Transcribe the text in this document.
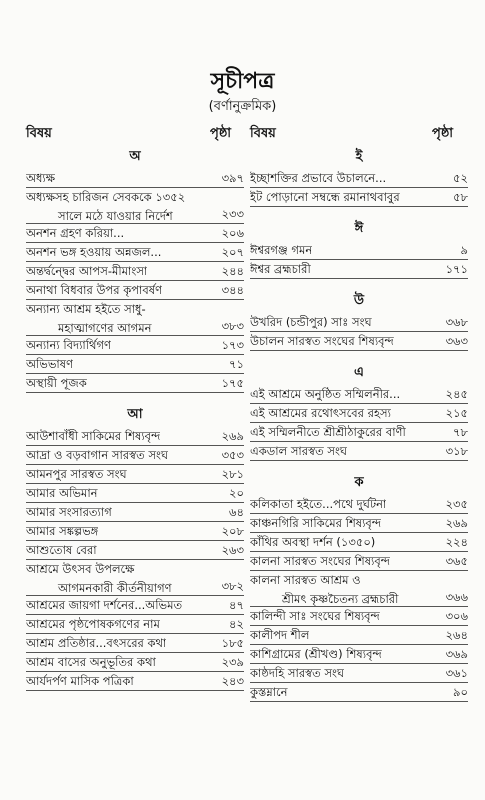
সূচীপত্র
(বর্ণানুক্রমিক)
বিষয়	পৃষ্ঠা বিষয়	পৃষ্ঠা
অ
অধ্যক্ষ	৩৯৭
অধ্যক্ষসহ চারিজন সেবককে ১৩৫২
সালে মঠে যাওয়ার নির্দেশ	২৩৩
অনশন গ্রহণ করিয়া...	২০৬
অনশন ভঙ্গ হওয়ায় অন্নজল...	২০৭
অন্তর্দ্বন্দ্বের আপস-মীমাংসা	২৪৪
অনাথা বিধবার উপর কৃপাবর্ষণ	৩৪৪
অন্যান্য আশ্রম হইতে সাধু-
মহাত্মাগণের আগমন	৩৮৩
অন্যান্য বিদ্যার্থিগণ	১৭৩
অভিভাষণ	৭১
অস্থায়ী পূজক	১৭৫
আ
আউশাবাঁধী সাকিমের শিষ্যবৃন্দ	২৬৯
আদ্রা ও বড়বাগান সারস্বত সংঘ	৩৫৩
আমনপুর সারস্বত সংঘ	২৮১
আমার অভিমান	২০
আমার সংসারত্যাগ	৬৪
আমার সঙ্কল্পভঙ্গ	২০৮
আশুতোষ বেরা	২৬৩
আশ্রমে উৎসব উপলক্ষে
আগমনকারী কীর্তনীয়াগণ	৩৮২
আশ্রমের জায়গা দর্শনের...অভিমত	৪৭
আশ্রমের পৃষ্ঠপোষকগণের নাম	৪২
আশ্রম প্রতিষ্ঠার...বৎসরের কথা	১৮৫
আশ্রম বাসের অনুভূতির কথা	২৩৯
আর্যদর্পণ মাসিক পত্রিকা	২৪৩
ই
ইচ্ছাশক্তির প্রভাবে উচালনে...	৫২
ইট পোড়ানো সম্বন্ধে রমানাথবাবুর	৫৮
ঈ
ঈশ্বরগঞ্জ গমন	৯
ঈশ্বর ব্রহ্মচারী	১৭১
উ
উখরিদ (চন্ডীপুর) সাঃ সংঘ	৩৬৮
উচালন সারস্বত সংঘের শিষ্যবৃন্দ	৩৬৩
এ
এই আশ্রমে অনুষ্ঠিত সম্মিলনীর...	২৪৫
এই আশ্রমের রথোৎসবের রহস্য	২১৫
এই সম্মিলনীতে শ্রীশ্রীঠাকুরের বাণী	৭৮
একডাল সারস্বত সংঘ	৩১৮
ক
কলিকাতা হইতে...পথে দুর্ঘটনা	২৩৫
কাঞ্চনগিরি সাকিমের শিষ্যবৃন্দ	২৬৯
কাঁথির অবস্থা দর্শন (১৩৫০)	২২৪
কালনা সারস্বত সংঘের শিষ্যবৃন্দ	৩৬৫
কালনা সারস্বত আশ্রম ও
শ্রীমৎ কৃষ্ণচৈতন্য ব্রহ্মচারী	৩৬৬
কালিন্দী সাঃ সংঘের শিষ্যবৃন্দ	৩০৬
কালীপদ শীল	২৬৪
কাশিগ্রামের (শ্রীখণ্ড) শিষ্যবৃন্দ	৩৬৯
কাষ্ঠদহি সারস্বত সংঘ	৩৬১
কুস্তম্নানে	৯০
